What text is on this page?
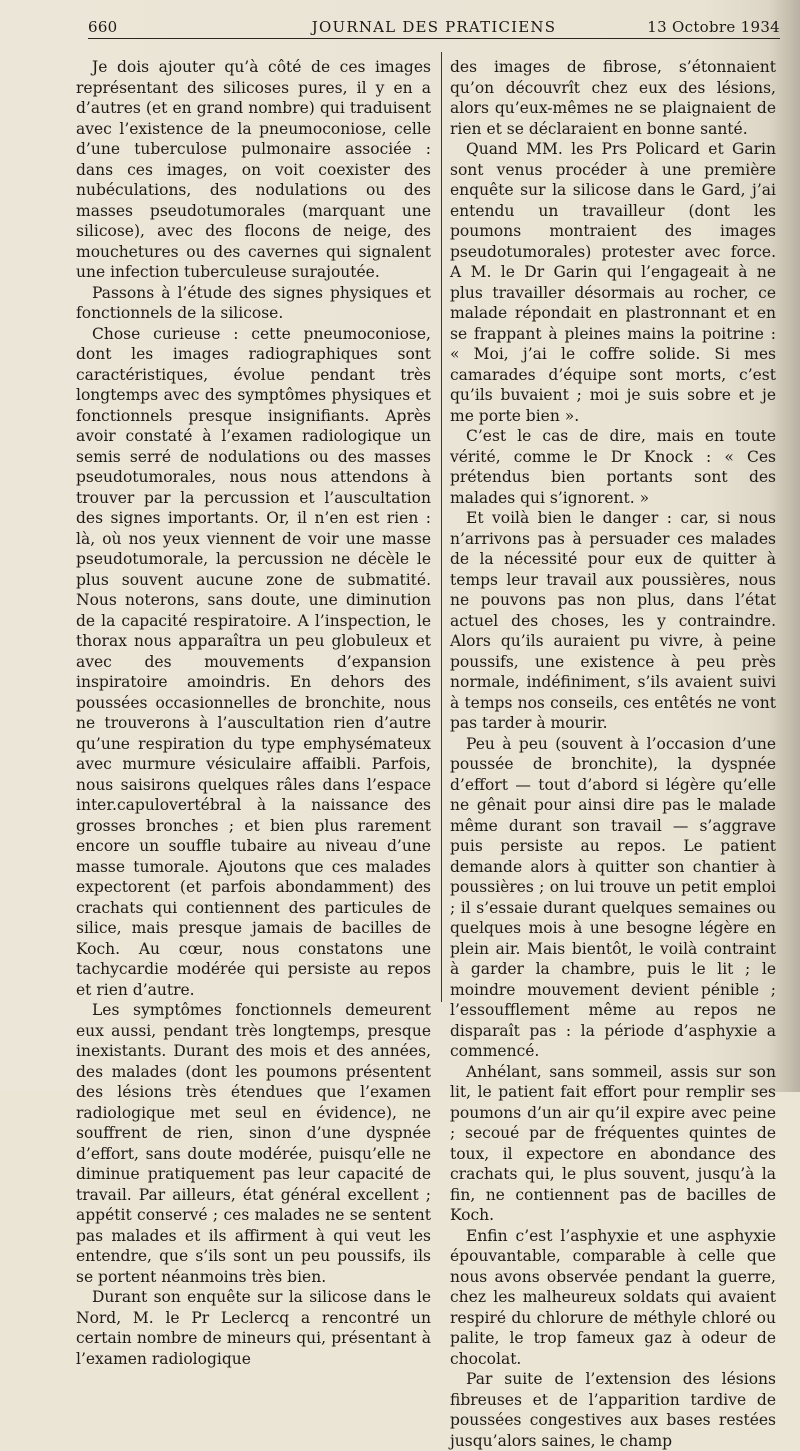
660	JOURNAL DES PRATICIENS	13 Octobre 1934

Je dois ajouter qu’à côté de ces images représentant des silicoses pures, il y en a d’autres (et en grand nombre) qui traduisent avec l’existence de la pneumoconiose, celle d’une tuberculose pulmonaire associée : dans ces images, on voit coexister des nubéculations, des nodulations ou des masses pseudotumorales (marquant une silicose), avec des flocons de neige, des mouchetures ou des cavernes qui signalent une infection tuberculeuse surajoutée.

Passons à l’étude des signes physiques et fonctionnels de la silicose.

Chose curieuse : cette pneumoconiose, dont les images radiographiques sont caractéristiques, évolue pendant très longtemps avec des symptômes physiques et fonctionnels presque insignifiants. Après avoir constaté à l’examen radiologique un semis serré de nodulations ou des masses pseudotumorales, nous nous attendons à trouver par la percussion et l’auscultation des signes importants. Or, il n’en est rien : là, où nos yeux viennent de voir une masse pseudotumorale, la percussion ne décèle le plus souvent aucune zone de submatité. Nous noterons, sans doute, une diminution de la capacité respiratoire. A l’inspection, le thorax nous apparaîtra un peu globuleux et avec des mouvements d’expansion inspiratoire amoindris. En dehors des poussées occasionnelles de bronchite, nous ne trouverons à l’auscultation rien d’autre qu’une respiration du type emphysémateux avec murmure vésiculaire affaibli. Parfois, nous saisirons quelques râles dans l’espace inter.capulovertébral à la naissance des grosses bronches ; et bien plus rarement encore un souffle tubaire au niveau d’une masse tumorale. Ajoutons que ces malades expectorent (et parfois abondamment) des crachats qui contiennent des particules de silice, mais presque jamais de bacilles de Koch. Au cœur, nous constatons une tachycardie modérée qui persiste au repos et rien d’autre.

Les symptômes fonctionnels demeurent eux aussi, pendant très longtemps, presque inexistants. Durant des mois et des années, des malades (dont les poumons présentent des lésions très étendues que l’examen radiologique met seul en évidence), ne souffrent de rien, sinon d’une dyspnée d’effort, sans doute modérée, puisqu’elle ne diminue pratiquement pas leur capacité de travail. Par ailleurs, état général excellent ; appétit conservé ; ces malades ne se sentent pas malades et ils affirment à qui veut les entendre, que s’ils sont un peu poussifs, ils se portent néanmoins très bien.

Durant son enquête sur la silicose dans le Nord, M. le Pr Leclercq a rencontré un certain nombre de mineurs qui, présentant à l’examen radiologique

des images de fibrose, s’étonnaient qu’on découvrît chez eux des lésions, alors qu’eux-mêmes ne se plaignaient de rien et se déclaraient en bonne santé.

Quand MM. les Prs Policard et Garin sont venus procéder à une première enquête sur la silicose dans le Gard, j’ai entendu un travailleur (dont les poumons montraient des images pseudotumorales) protester avec force. A M. le Dr Garin qui l’engageait à ne plus travailler désormais au rocher, ce malade répondait en plastronnant et en se frappant à pleines mains la poitrine : « Moi, j’ai le coffre solide. Si mes camarades d’équipe sont morts, c’est qu’ils buvaient ; moi je suis sobre et je me porte bien ».

C’est le cas de dire, mais en toute vérité, comme le Dr Knock : « Ces prétendus bien portants sont des malades qui s’ignorent. »

Et voilà bien le danger : car, si nous n’arrivons pas à persuader ces malades de la nécessité pour eux de quitter à temps leur travail aux poussières, nous ne pouvons pas non plus, dans l’état actuel des choses, les y contraindre. Alors qu’ils auraient pu vivre, à peine poussifs, une existence à peu près normale, indéfiniment, s’ils avaient suivi à temps nos conseils, ces entêtés ne vont pas tarder à mourir.

Peu à peu (souvent à l’occasion d’une poussée de bronchite), la dyspnée d’effort — tout d’abord si légère qu’elle ne gênait pour ainsi dire pas le malade même durant son travail — s’aggrave puis persiste au repos. Le patient demande alors à quitter son chantier à poussières ; on lui trouve un petit emploi ; il s’essaie durant quelques semaines ou quelques mois à une besogne légère en plein air. Mais bientôt, le voilà contraint à garder la chambre, puis le lit ; le moindre mouvement devient pénible ; l’essoufflement même au repos ne disparaît pas : la période d’asphyxie a commencé.

Anhélant, sans sommeil, assis sur son lit, le patient fait effort pour remplir ses poumons d’un air qu’il expire avec peine ; secoué par de fréquentes quintes de toux, il expectore en abondance des crachats qui, le plus souvent, jusqu’à la fin, ne contiennent pas de bacilles de Koch.

Enfin c’est l’asphyxie et une asphyxie épouvantable, comparable à celle que nous avons observée pendant la guerre, chez les malheureux soldats qui avaient respiré du chlorure de méthyle chloré ou palite, le trop fameux gaz à odeur de chocolat.

Par suite de l’extension des lésions fibreuses et de l’apparition tardive de poussées congestives aux bases restées jusqu’alors saines, le champ
